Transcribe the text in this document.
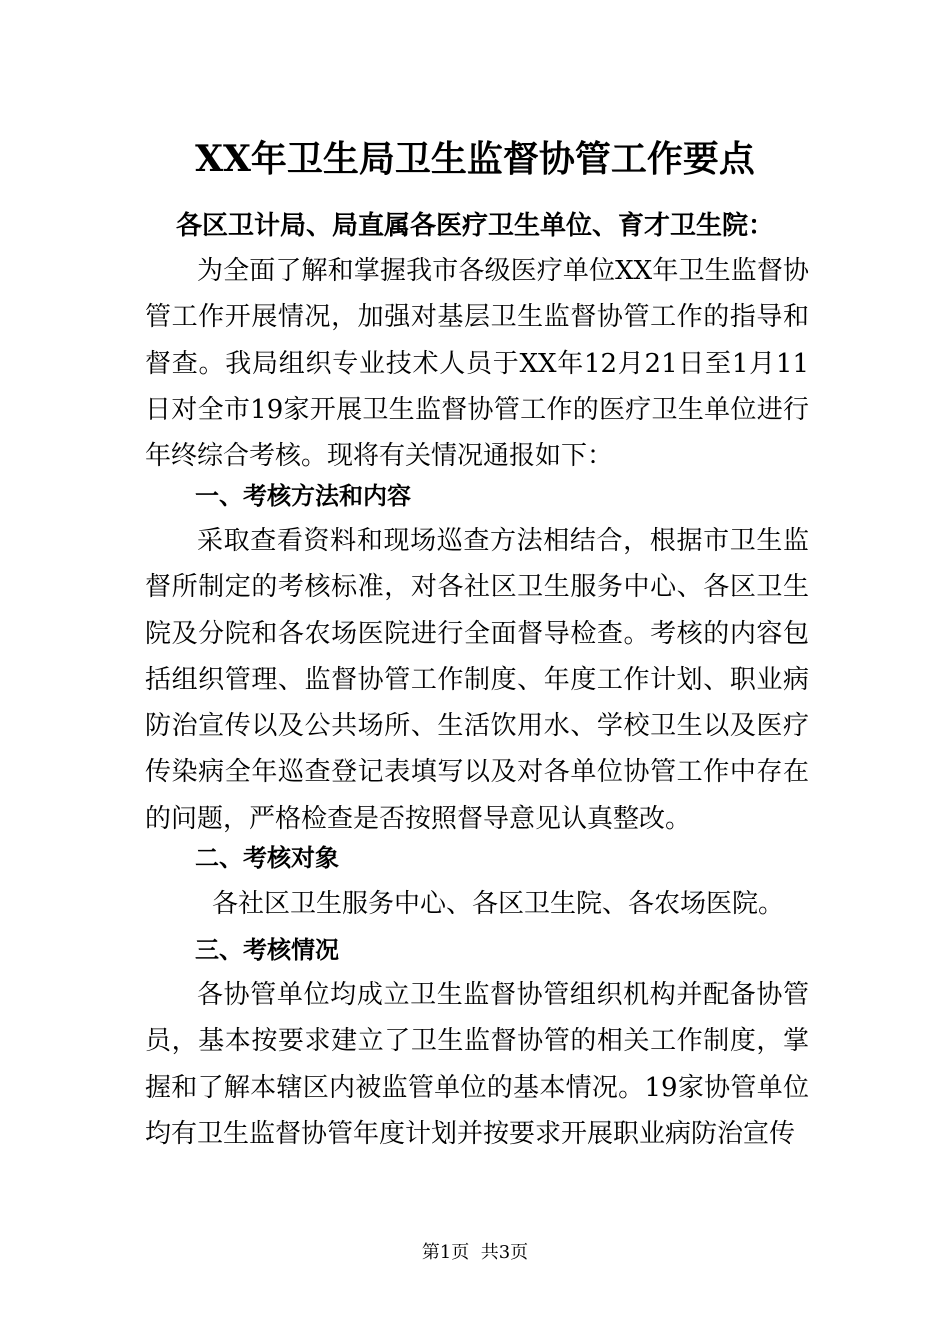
XX年卫生局卫生监督协管工作要点
各区卫计局、局直属各医疗卫生单位、育才卫生院：
为全面了解和掌握我市各级医疗单位XX年卫生监督协管工作开展情况，加强对基层卫生监督协管工作的指导和督查。我局组织专业技术人员于XX年12月21日至1月11日对全市19家开展卫生监督协管工作的医疗卫生单位进行年终综合考核。现将有关情况通报如下：
一、考核方法和内容
采取查看资料和现场巡查方法相结合，根据市卫生监督所制定的考核标准，对各社区卫生服务中心、各区卫生院及分院和各农场医院进行全面督导检查。考核的内容包括组织管理、监督协管工作制度、年度工作计划、职业病防治宣传以及公共场所、生活饮用水、学校卫生以及医疗传染病全年巡查登记表填写以及对各单位协管工作中存在的问题，严格检查是否按照督导意见认真整改。
二、考核对象
各社区卫生服务中心、各区卫生院、各农场医院。
三、考核情况
各协管单位均成立卫生监督协管组织机构并配备协管员，基本按要求建立了卫生监督协管的相关工作制度，掌握和了解本辖区内被监管单位的基本情况。19家协管单位均有卫生监督协管年度计划并按要求开展职业病防治宣传
第1页  共3页
